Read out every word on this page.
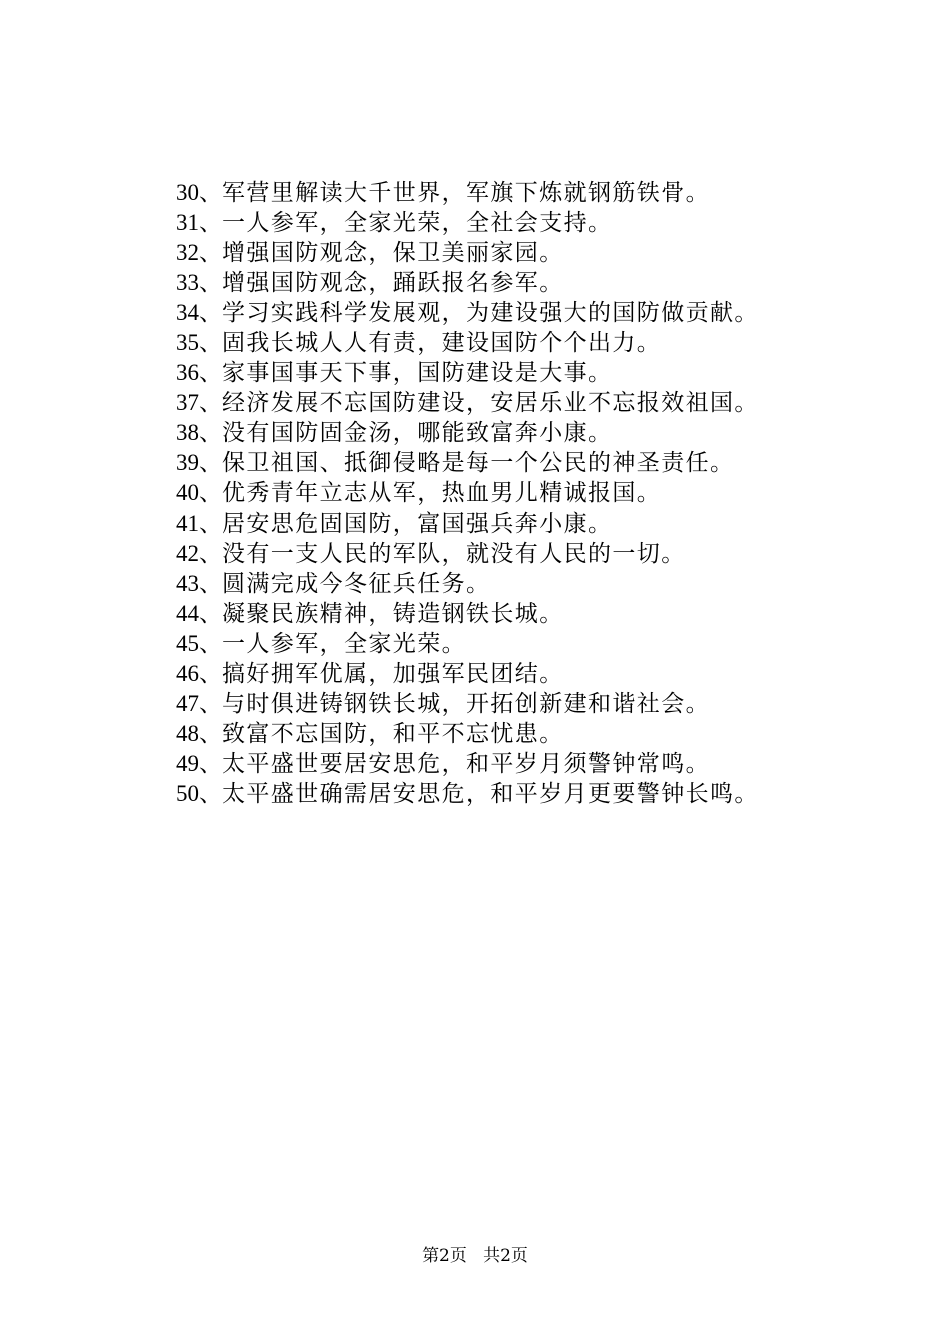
30 、 军营里解读大千世界，军旗下炼就钢筋铁骨。
31 、 一人参军，全家光荣，全社会支持。
32 、 增强国防观念，保卫美丽家园。
33 、 增强国防观念，踊跃报名参军。
34 、 学习实践科学发展观，为建设强大的国防做贡献。
35 、 固我长城人人有责，建设国防个个出力。
36 、 家事国事天下事，国防建设是大事。
37 、 经济发展不忘国防建设，安居乐业不忘报效祖国。
38 、 没有国防固金汤，哪能致富奔小康。
39 、 保卫祖国、抵御侵略是每一个公民的神圣责任。
40 、 优秀青年立志从军，热血男儿精诚报国。
41 、 居安思危固国防，富国强兵奔小康。
42 、 没有一支人民的军队，就没有人民的一切。
43 、 圆满完成今冬征兵任务。
44 、 凝聚民族精神，铸造钢铁长城。
45 、 一人参军，全家光荣。
46 、 搞好拥军优属，加强军民团结。
47 、 与时俱进铸钢铁长城，开拓创新建和谐社会。
48 、 致富不忘国防，和平不忘忧患。
49 、 太平盛世要居安思危，和平岁月须警钟常鸣。
50 、 太平盛世确需居安思危，和平岁月更要警钟长鸣。
第2页 共2页
